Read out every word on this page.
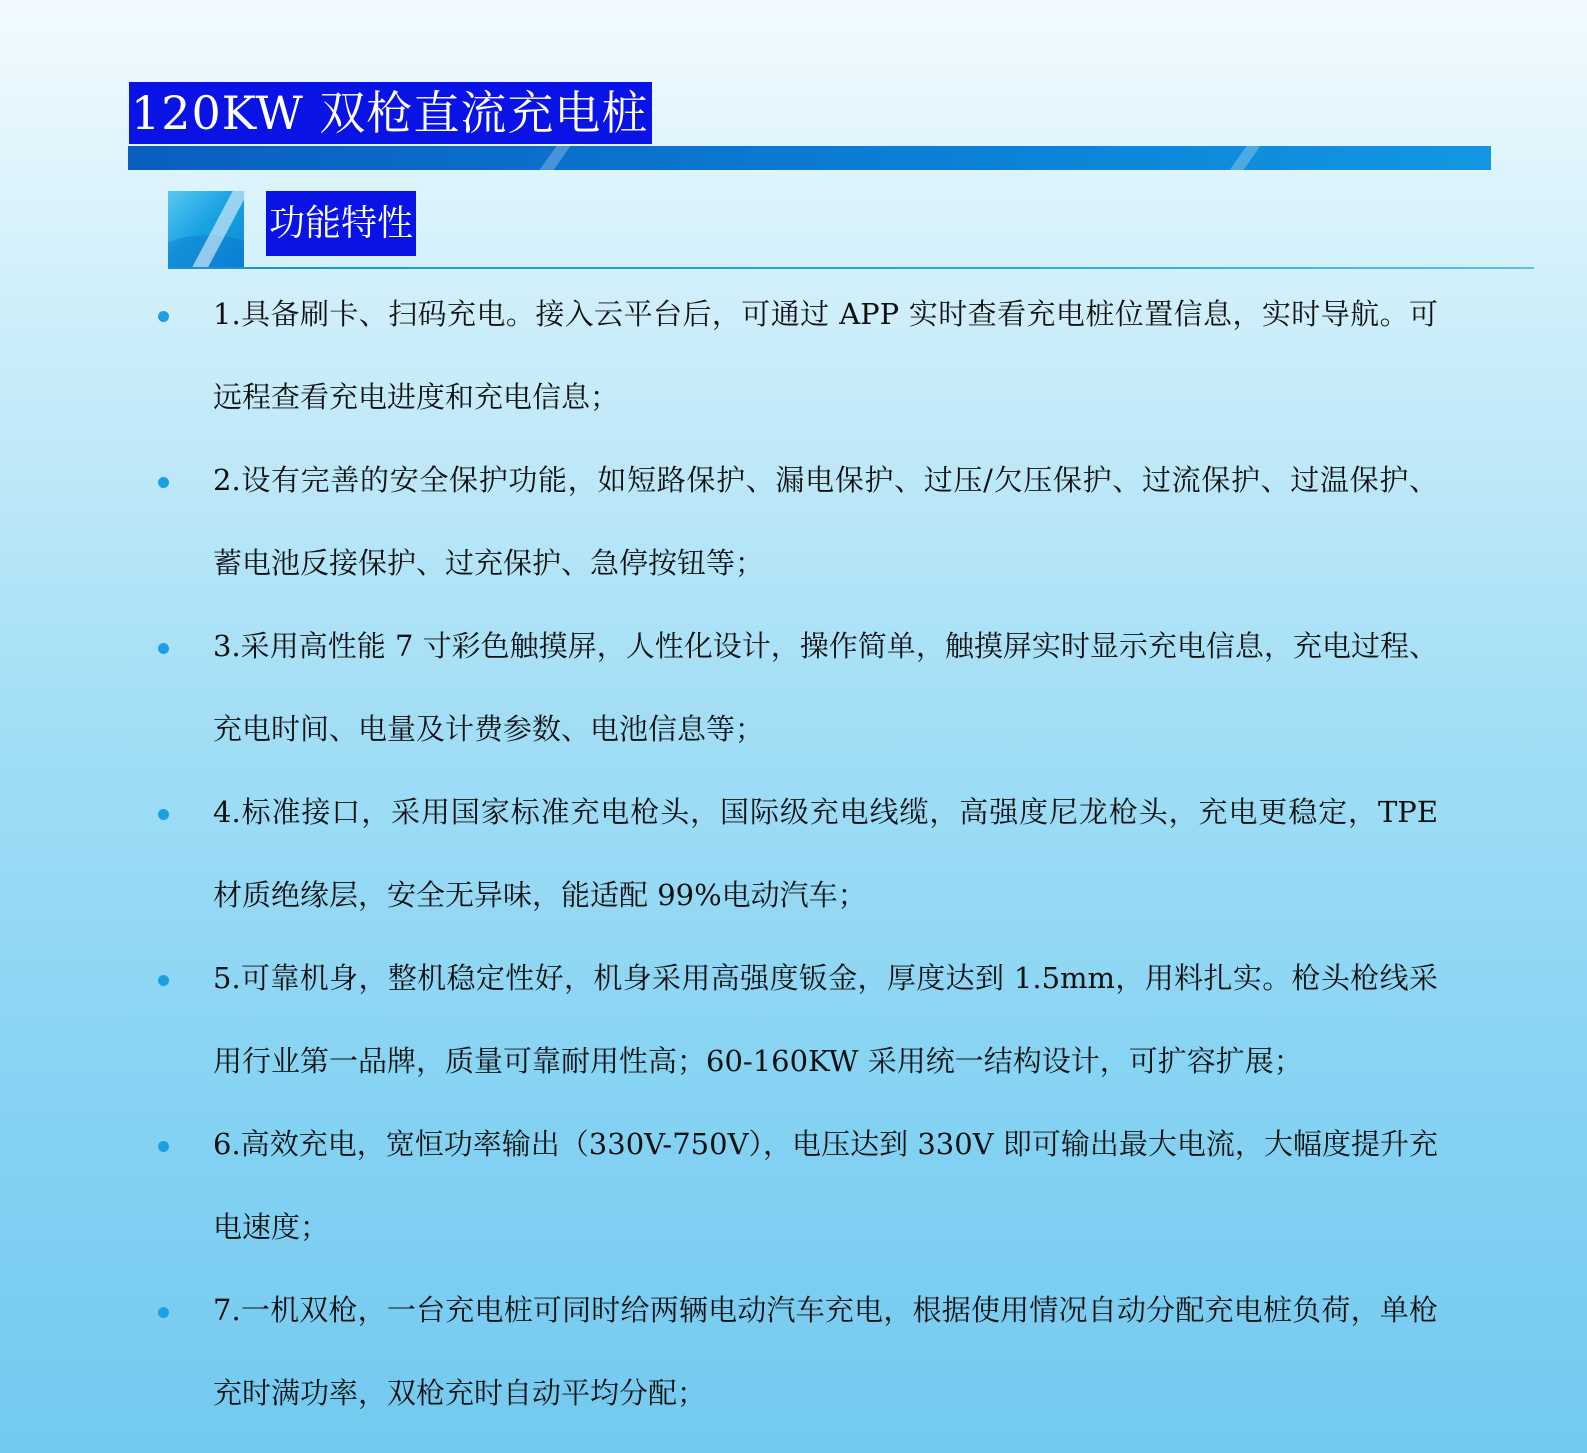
120KW 双枪直流充电桩
功能特性
1.具备刷卡、扫码充电。接入云平台后，可通过 APP 实时查看充电桩位置信息，实时导航。可远程查看充电进度和充电信息；
2.设有完善的安全保护功能，如短路保护、漏电保护、过压/欠压保护、过流保护、过温保护、蓄电池反接保护、过充保护、急停按钮等；
3.采用高性能 7 寸彩色触摸屏，人性化设计，操作简单，触摸屏实时显示充电信息，充电过程、充电时间、电量及计费参数、电池信息等；
4.标准接口，采用国家标准充电枪头，国际级充电线缆，高强度尼龙枪头，充电更稳定，TPE 材质绝缘层，安全无异味，能适配 99%电动汽车；
5.可靠机身，整机稳定性好，机身采用高强度钣金，厚度达到 1.5mm，用料扎实。枪头枪线采用行业第一品牌，质量可靠耐用性高；60-160KW 采用统一结构设计，可扩容扩展；
6.高效充电，宽恒功率输出（330V-750V），电压达到 330V 即可输出最大电流，大幅度提升充电速度；
7.一机双枪，一台充电桩可同时给两辆电动汽车充电，根据使用情况自动分配充电桩负荷，单枪充时满功率，双枪充时自动平均分配；
